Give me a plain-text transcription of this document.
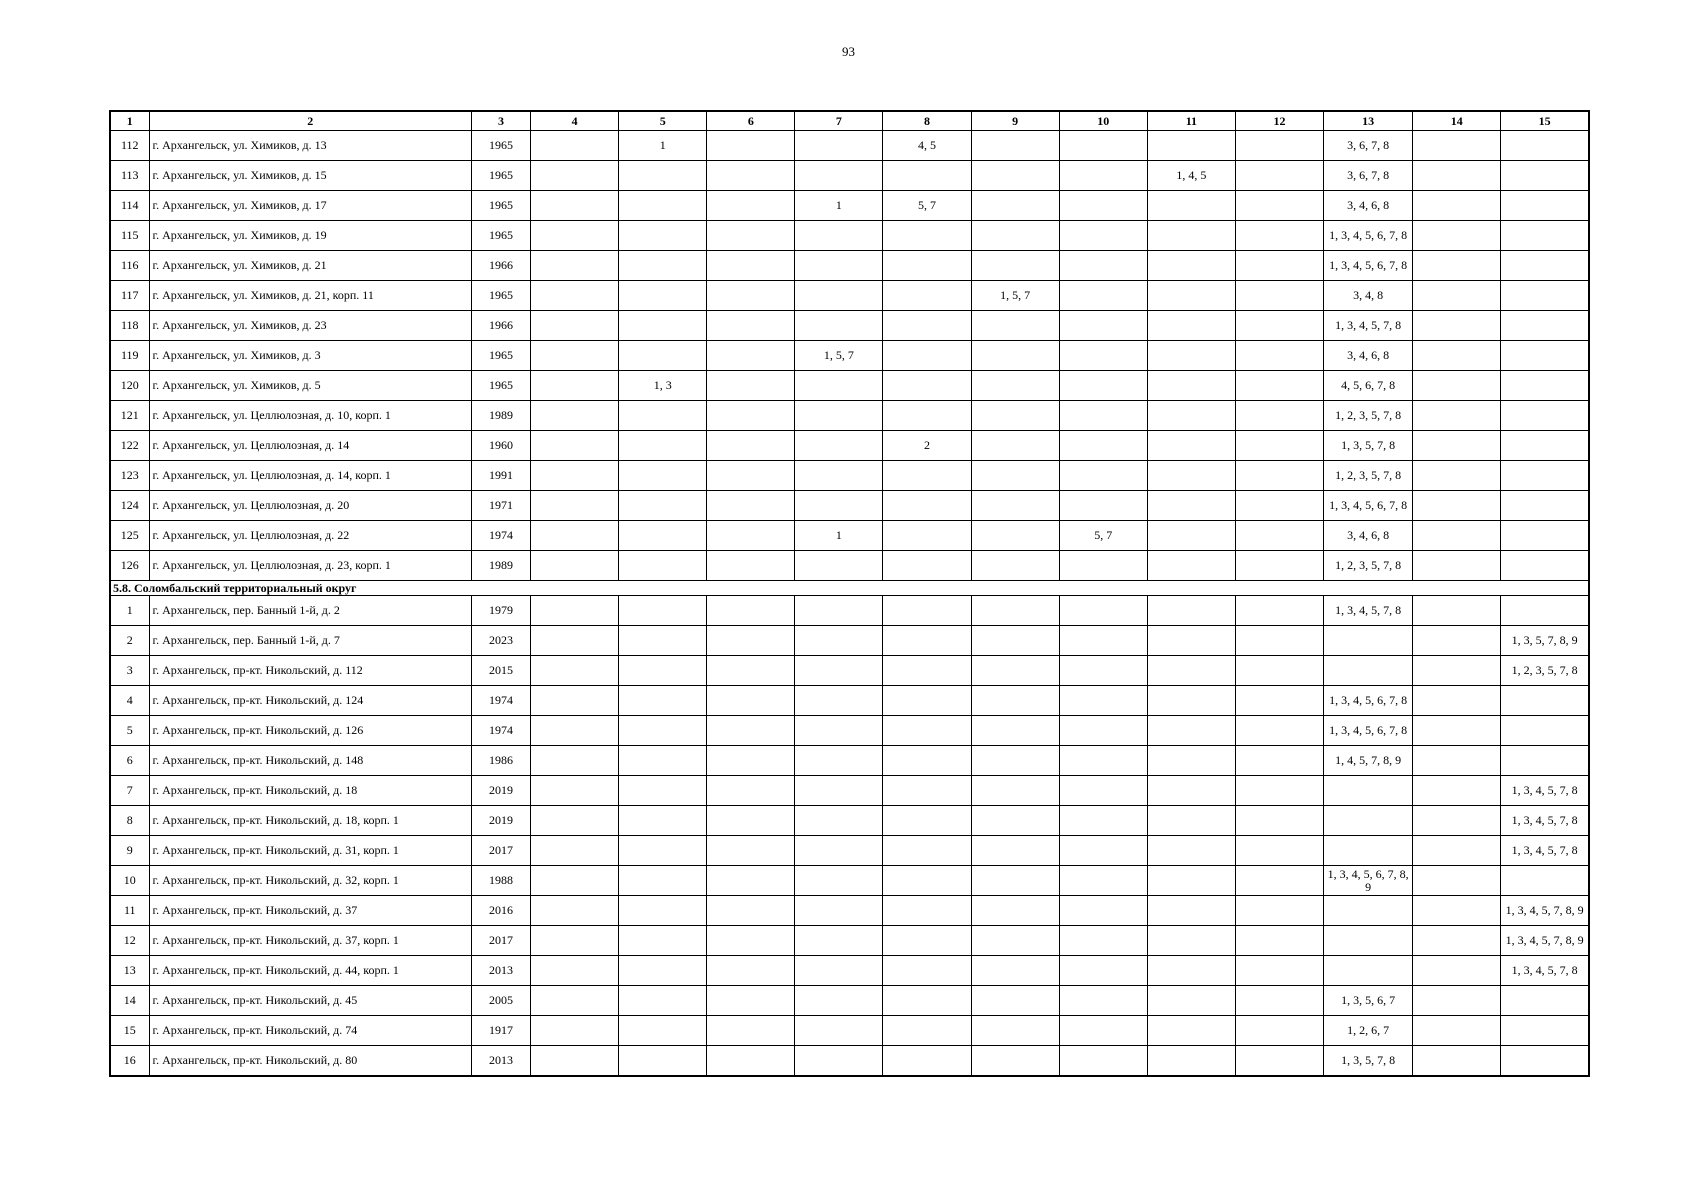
93
1	2	3	4	5	6	7	8	9	10	11	12	13	14	15
112	г. Архангельск, ул. Химиков, д. 13	1965		1			4, 5					3, 6, 7, 8		
113	г. Архангельск, ул. Химиков, д. 15	1965								1, 4, 5		3, 6, 7, 8		
114	г. Архангельск, ул. Химиков, д. 17	1965				1	5, 7					3, 4, 6, 8		
115	г. Архангельск, ул. Химиков, д. 19	1965										1, 3, 4, 5, 6, 7, 8		
116	г. Архангельск, ул. Химиков, д. 21	1966										1, 3, 4, 5, 6, 7, 8		
117	г. Архангельск, ул. Химиков, д. 21, корп. 11	1965						1, 5, 7				3, 4, 8		
118	г. Архангельск, ул. Химиков, д. 23	1966										1, 3, 4, 5, 7, 8		
119	г. Архангельск, ул. Химиков, д. 3	1965				1, 5, 7						3, 4, 6, 8		
120	г. Архангельск, ул. Химиков, д. 5	1965		1, 3								4, 5, 6, 7, 8		
121	г. Архангельск, ул. Целлюлозная, д. 10, корп. 1	1989										1, 2, 3, 5, 7, 8		
122	г. Архангельск, ул. Целлюлозная, д. 14	1960					2					1, 3, 5, 7, 8		
123	г. Архангельск, ул. Целлюлозная, д. 14, корп. 1	1991										1, 2, 3, 5, 7, 8		
124	г. Архангельск, ул. Целлюлозная, д. 20	1971										1, 3, 4, 5, 6, 7, 8		
125	г. Архангельск, ул. Целлюлозная, д. 22	1974				1			5, 7			3, 4, 6, 8		
126	г. Архангельск, ул. Целлюлозная, д. 23, корп. 1	1989										1, 2, 3, 5, 7, 8		
5.8. Соломбальский территориальный округ														
1	г. Архангельск, пер. Банный 1-й, д. 2	1979										1, 3, 4, 5, 7, 8		
2	г. Архангельск, пер. Банный 1-й, д. 7	2023												1, 3, 5, 7, 8, 9
3	г. Архангельск, пр-кт. Никольский, д. 112	2015												1, 2, 3, 5, 7, 8
4	г. Архангельск, пр-кт. Никольский, д. 124	1974										1, 3, 4, 5, 6, 7, 8		
5	г. Архангельск, пр-кт. Никольский, д. 126	1974										1, 3, 4, 5, 6, 7, 8		
6	г. Архангельск, пр-кт. Никольский, д. 148	1986										1, 4, 5, 7, 8, 9		
7	г. Архангельск, пр-кт. Никольский, д. 18	2019												1, 3, 4, 5, 7, 8
8	г. Архангельск, пр-кт. Никольский, д. 18, корп. 1	2019												1, 3, 4, 5, 7, 8
9	г. Архангельск, пр-кт. Никольский, д. 31, корп. 1	2017												1, 3, 4, 5, 7, 8
10	г. Архангельск, пр-кт. Никольский, д. 32, корп. 1	1988										1, 3, 4, 5, 6, 7, 8, 9		
11	г. Архангельск, пр-кт. Никольский, д. 37	2016												1, 3, 4, 5, 7, 8, 9
12	г. Архангельск, пр-кт. Никольский, д. 37, корп. 1	2017												1, 3, 4, 5, 7, 8, 9
13	г. Архангельск, пр-кт. Никольский, д. 44, корп. 1	2013												1, 3, 4, 5, 7, 8
14	г. Архангельск, пр-кт. Никольский, д. 45	2005										1, 3, 5, 6, 7		
15	г. Архангельск, пр-кт. Никольский, д. 74	1917										1, 2, 6, 7		
16	г. Архангельск, пр-кт. Никольский, д. 80	2013										1, 3, 5, 7, 8		
